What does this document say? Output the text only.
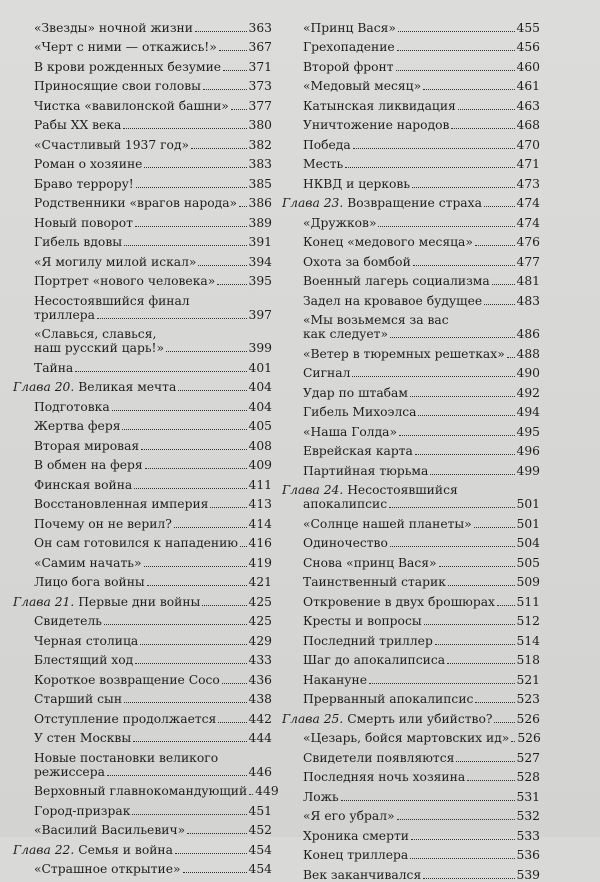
«Звезды» ночной жизни	363
«Черт с ними — откажись!»	367
В крови рожденных безумие 371
Приносящие свои головы	373
Чистка «вавилонской башни» 377
Рабы XX века	380
«Счастливый 1937 год»	382
Роман о хозяине	383
Браво террору!	385
Родственники «врагов народа» 386
Новый поворот	389
Гибель вдовы	391
«Я могилу милой искал»	394
Портрет «нового человека»	395
Несостоявшийся финал
триллера	397
«Славься, славься,
наш русский царь!»	399
Тайна	401
Глава 20. Великая мечта	404
Подготовка	404
Жертва феря	405
Вторая мировая	408
В обмен на феря	409
Финская война	411
Восстановленная империя	413
Почему он не верил?	414
Он сам готовился к нападению 416
«Самим начать»	419
Лицо бога войны	421
Глава 21. Первые дни войны	425
Свидетель	425
Черная столица	429
Блестящий ход	433
Короткое возвращение Сосо 436
Старший сын	438
Отступление продолжается	442
У стен Москвы	444
Новые постановки великого
режиссера	446
Верховный главнокомандующий 449
Город-призрак	451
«Василий Васильевич»	452
Глава 22. Семья и война	454
«Страшное открытие»	454
«Принц Вася»	455
Грехопадение	456
Второй фронт	460
«Медовый месяц»	461
Катынская ликвидация	463
Уничтожение народов	468
Победа	470
Месть	471
НКВД и церковь	473
Глава 23. Возвращение страха	474
«Дружков»	474
Конец «медового месяца»	476
Охота за бомбой	477
Военный лагерь социализма 481
Задел на кровавое будущее	483
«Мы возьмемся за вас
как следует»	486
«Ветер в тюремных решетках» 488
Сигнал	490
Удар по штабам	492
Гибель Михоэлса	494
«Наша Голда»	495
Еврейская карта	496
Партийная тюрьма	499
Глава 24. Несостоявшийся
апокалипсис	501
«Солнце нашей планеты»	501
Одиночество	504
Снова «принц Вася»	505
Таинственный старик	509
Откровение в двух брошюрах 511
Кресты и вопросы	512
Последний триллер	514
Шаг до апокалипсиса	518
Накануне	521
Прерванный апокалипсис	523
Глава 25. Смерть или убийство? 526
«Цезарь, бойся мартовских ид» 526
Свидетели появляются	527
Последняя ночь хозяина	528
Ложь	531
«Я его убрал»	532
Хроника смерти	533
Конец триллера	536
Век заканчивался	539
